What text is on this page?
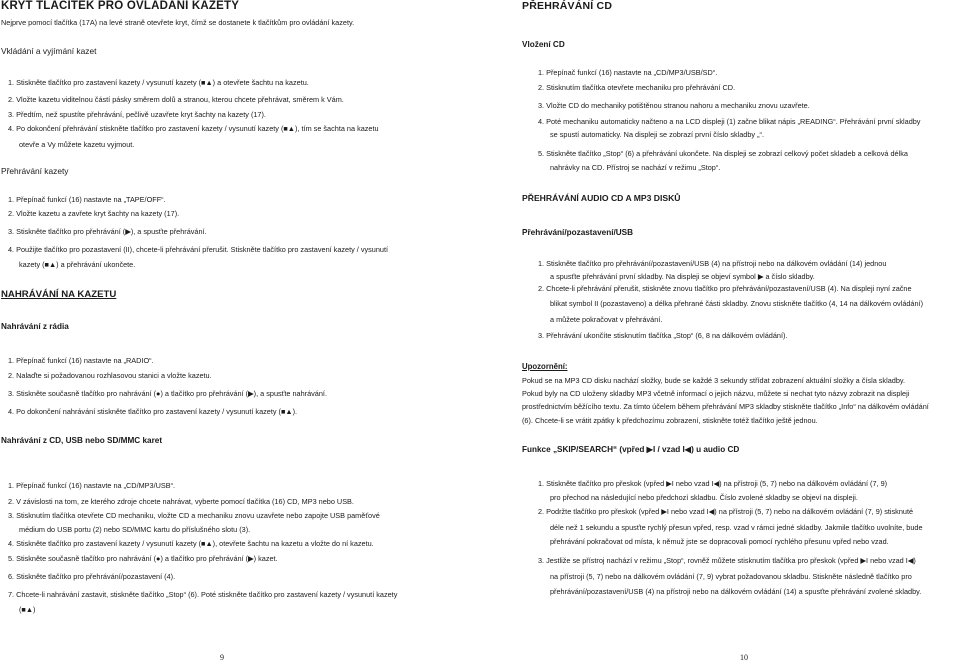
KRYT TLAČÍTEK PRO OVLÁDÁNÍ KAZETY
Nejprve pomocí tlačítka (17A) na levé straně otevřete kryt, čímž se dostanete k tlačítkům pro ovládání kazety.
Vkládání a vyjímání kazet
1. Stiskněte tlačítko pro zastavení kazety / vysunutí kazety (■▲) a otevřete šachtu na kazetu.
2. Vložte kazetu viditelnou částí pásky směrem dolů a stranou, kterou chcete přehrávat, směrem k Vám.
3. Předtím, než spustíte přehrávání, pečlivě uzavřete kryt šachty na kazety (17).
4. Po dokončení přehrávání stiskněte tlačítko pro zastavení kazety / vysunutí kazety (■▲), tím se šachta na kazetu
otevře a Vy můžete kazetu vyjmout.
Přehrávání kazety
1. Přepínač funkcí (16) nastavte na „TAPE/OFF“.
2. Vložte kazetu a zavřete kryt šachty na kazety (17).
3. Stiskněte tlačítko pro přehrávání (▶), a spusťte přehrávání.
4. Použijte tlačítko pro pozastavení (II), chcete-li přehrávání přerušit. Stiskněte tlačítko pro zastavení kazety / vysunutí
kazety (■▲) a přehrávání ukončete.
NAHRÁVÁNÍ NA KAZETU
Nahrávání z rádia
1. Přepínač funkcí (16) nastavte na „RADIO“.
2. Nalaďte si požadovanou rozhlasovou stanici a vložte kazetu.
3. Stiskněte současně tlačítko pro nahrávání (●) a tlačítko pro přehrávání (▶), a spusťte nahrávání.
4. Po dokončení nahrávání stiskněte tlačítko pro zastavení kazety / vysunutí kazety (■▲).
Nahrávání z CD, USB nebo SD/MMC karet
1. Přepínač funkcí (16) nastavte na „CD/MP3/USB“.
2. V závislosti na tom, ze kterého zdroje chcete nahrávat, vyberte pomocí tlačítka (16) CD, MP3 nebo USB.
3. Stisknutím tlačítka otevřete CD mechaniku, vložte CD a mechaniku znovu uzavřete nebo zapojte USB paměťové
médium do USB portu (2) nebo SD/MMC kartu do příslušného slotu (3).
4. Stiskněte tlačítko pro zastavení kazety / vysunutí kazety (■▲), otevřete šachtu na kazetu a vložte do ní kazetu.
5. Stiskněte současně tlačítko pro nahrávání (●) a tlačítko pro přehrávání (▶) kazet.
6. Stiskněte tlačítko pro přehrávání/pozastavení (4).
7. Chcete-li nahrávání zastavit, stiskněte tlačítko „Stop“ (6). Poté stiskněte tlačítko pro zastavení kazety / vysunutí kazety
(■▲)
9
PŘEHRÁVÁNÍ CD
Vložení CD
1. Přepínač funkcí (16) nastavte na „CD/MP3/USB/SD“.
2. Stisknutím tlačítka otevřete mechaniku pro přehrávání CD.
3. Vložte CD do mechaniky potištěnou stranou nahoru a mechaniku znovu uzavřete.
4. Poté mechaniku automaticky načteno a na LCD displeji (1) začne blikat nápis „READING“. Přehrávání první skladby
se spustí automaticky. Na displeji se zobrazí první číslo skladby „“.
5. Stiskněte tlačítko „Stop“ (6) a přehrávání ukončete. Na displeji se zobrazí celkový počet skladeb a celková délka
nahrávky na CD. Přístroj se nachází v režimu „Stop“.
PŘEHRÁVÁNÍ AUDIO CD A MP3 DISKŮ
Přehrávání/pozastavení/USB
1. Stiskněte tlačítko pro přehrávání/pozastavení/USB (4) na přístroji nebo na dálkovém ovládání (14) jednou
a spusťte přehrávání první skladby. Na displeji se objeví symbol ▶ a číslo skladby.
2. Chcete-li přehrávání přerušit, stiskněte znovu tlačítko pro přehrávání/pozastavení/USB (4). Na displeji nyní začne
blikat symbol II (pozastaveno) a délka přehrané části skladby. Znovu stiskněte tlačítko (4, 14 na dálkovém ovládání)
a můžete pokračovat v přehrávání.
3. Přehrávání ukončíte stisknutím tlačítka „Stop“ (6, 8 na dálkovém ovládání).
Upozornění:
Pokud se na MP3 CD disku nachází složky, bude se každé 3 sekundy střídat zobrazení aktuální složky a čísla skladby.
Pokud byly na CD uloženy skladby MP3 včetně informací o jejich názvu, můžete si nechat tyto názvy zobrazit na displeji
prostřednictvím běžícího textu. Za tímto účelem během přehrávání MP3 skladby stiskněte tlačítko „Info“ na dálkovém ovládání
(6). Chcete-li se vrátit zpátky k předchozímu zobrazení, stiskněte totéž tlačítko ještě jednou.
Funkce „SKIP/SEARCH“ (vpřed ▶I / vzad I◀) u audio CD
1. Stiskněte tlačítko pro přeskok (vpřed ▶I nebo vzad I◀) na přístroji (5, 7) nebo na dálkovém ovládání (7, 9)
pro přechod na následující nebo předchozí skladbu. Číslo zvolené skladby se objeví na displeji.
2. Podržte tlačítko pro přeskok (vpřed ▶I nebo vzad I◀) na přístroji (5, 7) nebo na dálkovém ovládání (7, 9) stisknuté
déle než 1 sekundu a spusťte rychlý přesun vpřed, resp. vzad v rámci jedné skladby. Jakmile tlačítko uvolníte, bude
přehrávání pokračovat od místa, k němuž jste se dopracovali pomocí rychlého přesunu vpřed nebo vzad.
3. Jestliže se přístroj nachází v režimu „Stop“, rovněž můžete stisknutím tlačítka pro přeskok (vpřed ▶I nebo vzad I◀)
na přístroji (5, 7) nebo na dálkovém ovládání (7, 9) vybrat požadovanou skladbu. Stiskněte následně tlačítko pro
přehrávání/pozastavení/USB (4) na přístroji nebo na dálkovém ovládání (14) a spusťte přehrávání zvolené skladby.
10
